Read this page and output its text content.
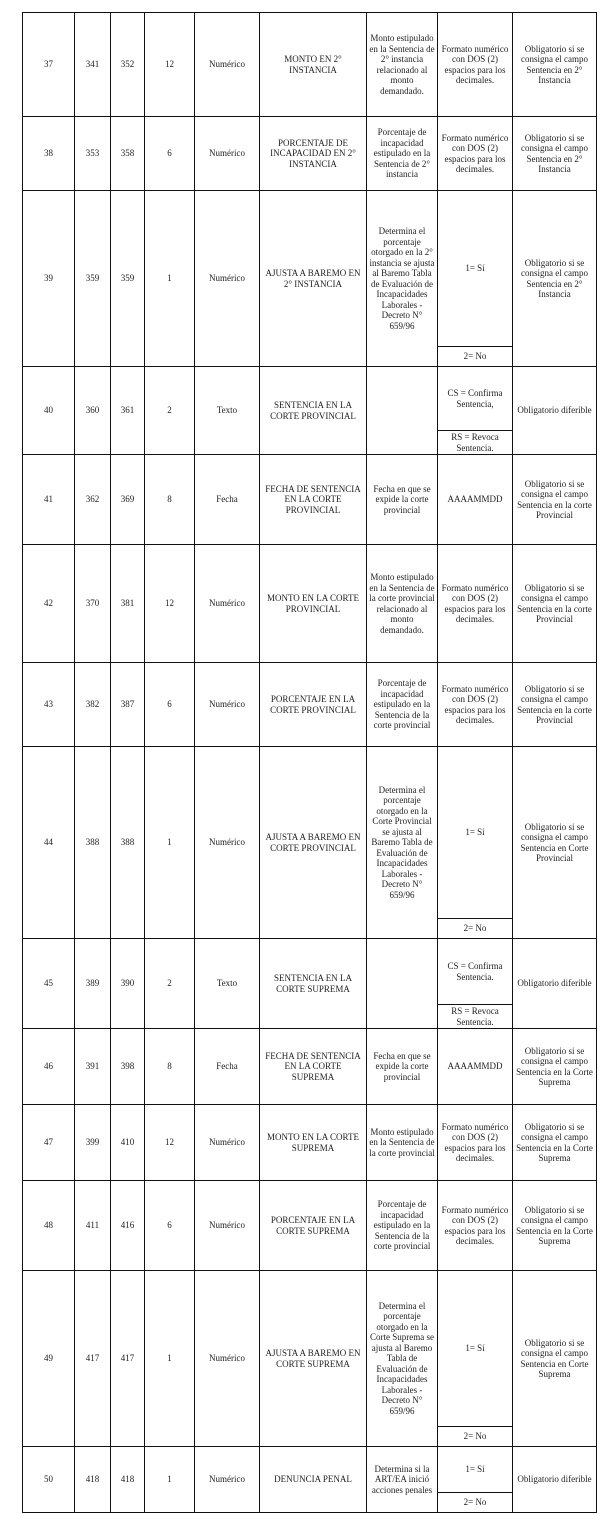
37	341	352	12	Numérico	MONTO EN 2° INSTANCIA	Monto estipulado en la Sentencia de 2° instancia relacionado al monto demandado.	Formato numérico con DOS (2) espacios para los decimales.	Obligatorio si se consigna el campo Sentencia en 2° Instancia
38	353	358	6	Numérico	PORCENTAJE DE INCAPACIDAD EN 2° INSTANCIA	Porcentaje de incapacidad estipulado en la Sentencia de 2° instancia	Formato numérico con DOS (2) espacios para los decimales.	Obligatorio si se consigna el campo Sentencia en 2° Instancia
39	359	359	1	Numérico	AJUSTA A BAREMO EN 2° INSTANCIA	Determina el porcentaje otorgado en la 2° instancia se ajusta al Baremo Tabla de Evaluación de Incapacidades Laborales - Decreto N° 659/96	1= Sí	Obligatorio si se consigna el campo Sentencia en 2° Instancia
							2= No	
40	360	361	2	Texto	SENTENCIA EN LA CORTE PROVINCIAL		CS = Confirma Sentencia,	Obligatorio diferible
							RS = Revoca Sentencia.	
41	362	369	8	Fecha	FECHA DE SENTENCIA EN LA CORTE PROVINCIAL	Fecha en que se expide la corte provincial	AAAAMMDD	Obligatorio si se consigna el campo Sentencia en la corte Provincial
42	370	381	12	Numérico	MONTO EN LA CORTE PROVINCIAL	Monto estipulado en la Sentencia de la corte provincial relacionado al monto demandado.	Formato numérico con DOS (2) espacios para los decimales.	Obligatorio si se consigna el campo Sentencia en la corte Provincial
43	382	387	6	Numérico	PORCENTAJE EN LA CORTE PROVINCIAL	Porcentaje de incapacidad estipulado en la Sentencia de la corte provincial	Formato numérico con DOS (2) espacios para los decimales.	Obligatorio si se consigna el campo Sentencia en la corte Provincial
44	388	388	1	Numérico	AJUSTA A BAREMO EN CORTE PROVINCIAL	Determina el porcentaje otorgado en la Corte Provincial se ajusta al Baremo Tabla de Evaluación de Incapacidades Laborales - Decreto N° 659/96	1= Sí	Obligatorio si se consigna el campo Sentencia en Corte Provincial
							2= No	
45	389	390	2	Texto	SENTENCIA EN LA CORTE SUPREMA		CS = Confirma Sentencia.	Obligatorio diferible
							RS = Revoca Sentencia.	
46	391	398	8	Fecha	FECHA DE SENTENCIA EN LA CORTE SUPREMA	Fecha en que se expide la corte provincial	AAAAMMDD	Obligatorio si se consigna el campo Sentencia en la Corte Suprema
47	399	410	12	Numérico	MONTO EN LA CORTE SUPREMA	Monto estipulado en la Sentencia de la corte provincial	Formato numérico con DOS (2) espacios para los decimales.	Obligatorio si se consigna el campo Sentencia en la Corte Suprema
48	411	416	6	Numérico	PORCENTAJE EN LA CORTE SUPREMA	Porcentaje de incapacidad estipulado en la Sentencia de la corte provincial	Formato numérico con DOS (2) espacios para los decimales.	Obligatorio si se consigna el campo Sentencia en la Corte Suprema
49	417	417	1	Numérico	AJUSTA A BAREMO EN CORTE SUPREMA	Determina el porcentaje otorgado en la Corte Suprema se ajusta al Baremo Tabla de Evaluación de Incapacidades Laborales - Decreto N° 659/96	1= Sí	Obligatorio si se consigna el campo Sentencia en Corte Suprema
							2= No	
50	418	418	1	Numérico	DENUNCIA PENAL	Determina si la ART/EA inició acciones penales	1= Sí	Obligatorio diferible
							2= No	
